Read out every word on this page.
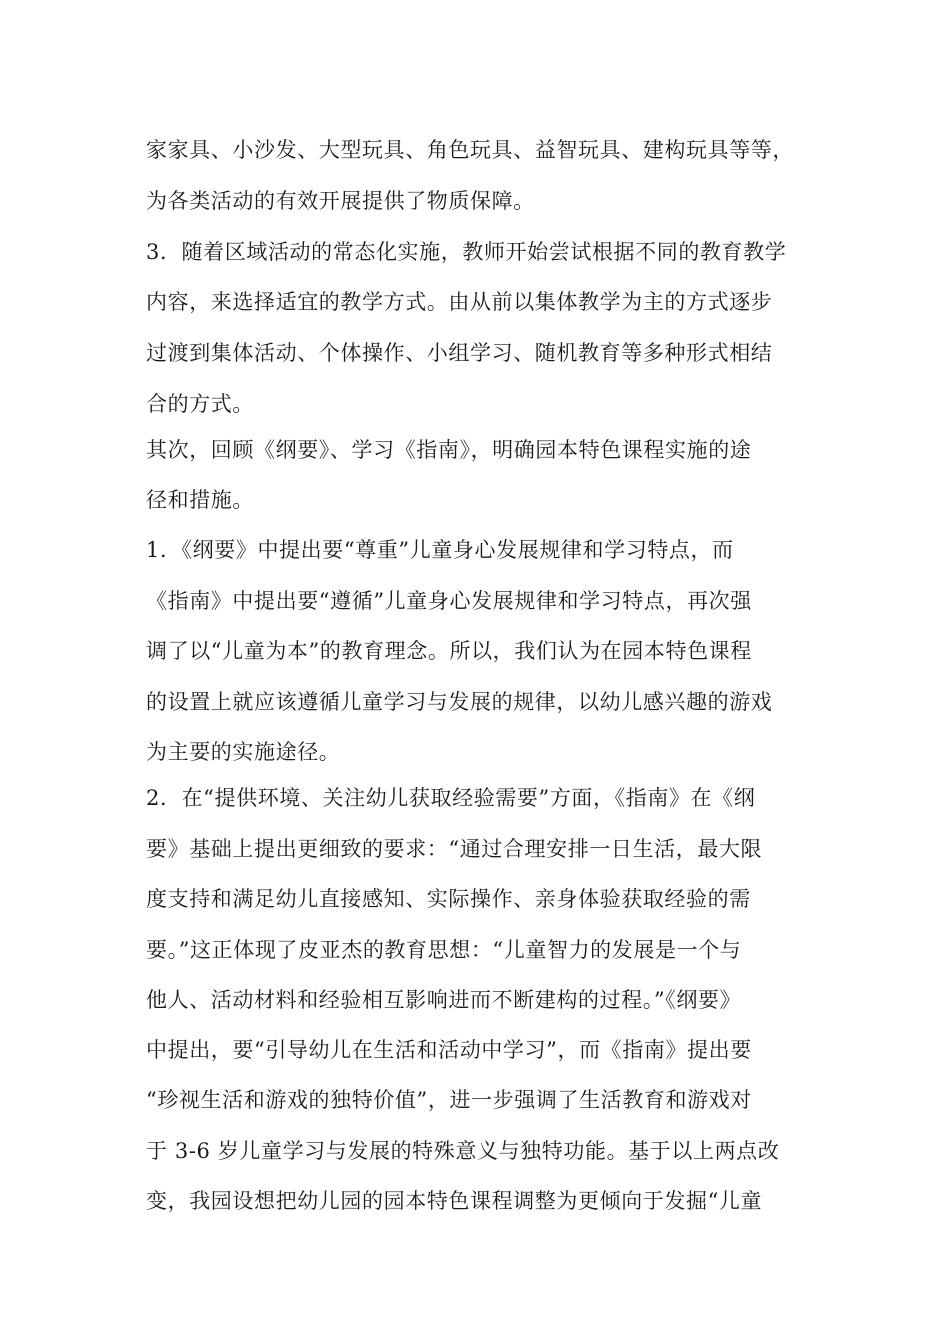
家家具、小沙发、大型玩具、角色玩具、益智玩具、建构玩具等等，
为各类活动的有效开展提供了物质保障。
3．随着区域活动的常态化实施，教师开始尝试根据不同的教育教学
内容，来选择适宜的教学方式。由从前以集体教学为主的方式逐步
过渡到集体活动、个体操作、小组学习、随机教育等多种形式相结
合的方式。
其次，回顾《纲要》、学习《指南》，明确园本特色课程实施的途
径和措施。
1．《纲要》中提出要“尊重”儿童身心发展规律和学习特点，而
《指南》中提出要“遵循”儿童身心发展规律和学习特点，再次强
调了以“儿童为本”的教育理念。所以，我们认为在园本特色课程
的设置上就应该遵循儿童学习与发展的规律，以幼儿感兴趣的游戏
为主要的实施途径。
2．在“提供环境、关注幼儿获取经验需要”方面，《指南》在《纲
要》基础上提出更细致的要求：“通过合理安排一日生活，最大限
度支持和满足幼儿直接感知、实际操作、亲身体验获取经验的需
要。”这正体现了皮亚杰的教育思想：“儿童智力的发展是一个与
他人、活动材料和经验相互影响进而不断建构的过程。”《纲要》
中提出，要“引导幼儿在生活和活动中学习”，而《指南》提出要
“珍视生活和游戏的独特价值”，进一步强调了生活教育和游戏对
于 3-6 岁儿童学习与发展的特殊意义与独特功能。基于以上两点改
变，我园设想把幼儿园的园本特色课程调整为更倾向于发掘“儿童
